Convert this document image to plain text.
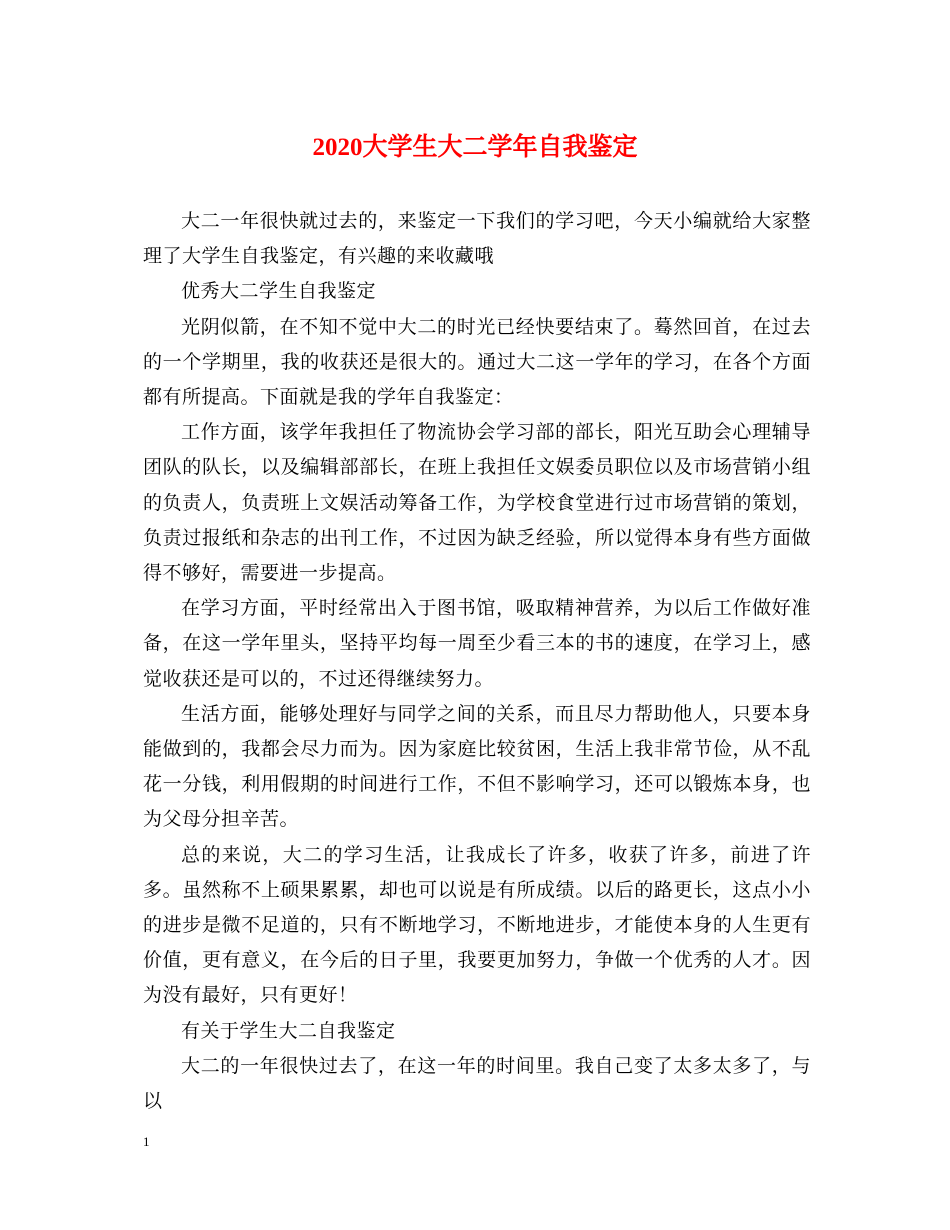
2020大学生大二学年自我鉴定

大二一年很快就过去的，来鉴定一下我们的学习吧，今天小编就给大家整理了大学生自我鉴定，有兴趣的来收藏哦

优秀大二学生自我鉴定

光阴似箭，在不知不觉中大二的时光已经快要结束了。蓦然回首，在过去的一个学期里，我的收获还是很大的。通过大二这一学年的学习，在各个方面都有所提高。下面就是我的学年自我鉴定：

工作方面，该学年我担任了物流协会学习部的部长，阳光互助会心理辅导团队的队长，以及编辑部部长，在班上我担任文娱委员职位以及市场营销小组的负责人，负责班上文娱活动筹备工作，为学校食堂进行过市场营销的策划，负责过报纸和杂志的出刊工作，不过因为缺乏经验，所以觉得本身有些方面做得不够好，需要进一步提高。

在学习方面，平时经常出入于图书馆，吸取精神营养，为以后工作做好准备，在这一学年里头，坚持平均每一周至少看三本的书的速度，在学习上，感觉收获还是可以的，不过还得继续努力。

生活方面，能够处理好与同学之间的关系，而且尽力帮助他人，只要本身能做到的，我都会尽力而为。因为家庭比较贫困，生活上我非常节俭，从不乱花一分钱，利用假期的时间进行工作，不但不影响学习，还可以锻炼本身，也为父母分担辛苦。

总的来说，大二的学习生活，让我成长了许多，收获了许多，前进了许多。虽然称不上硕果累累，却也可以说是有所成绩。以后的路更长，这点小小的进步是微不足道的，只有不断地学习，不断地进步，才能使本身的人生更有价值，更有意义，在今后的日子里，我要更加努力，争做一个优秀的人才。因为没有最好，只有更好！

有关于学生大二自我鉴定

大二的一年很快过去了，在这一年的时间里。我自己变了太多太多了，与以

1
